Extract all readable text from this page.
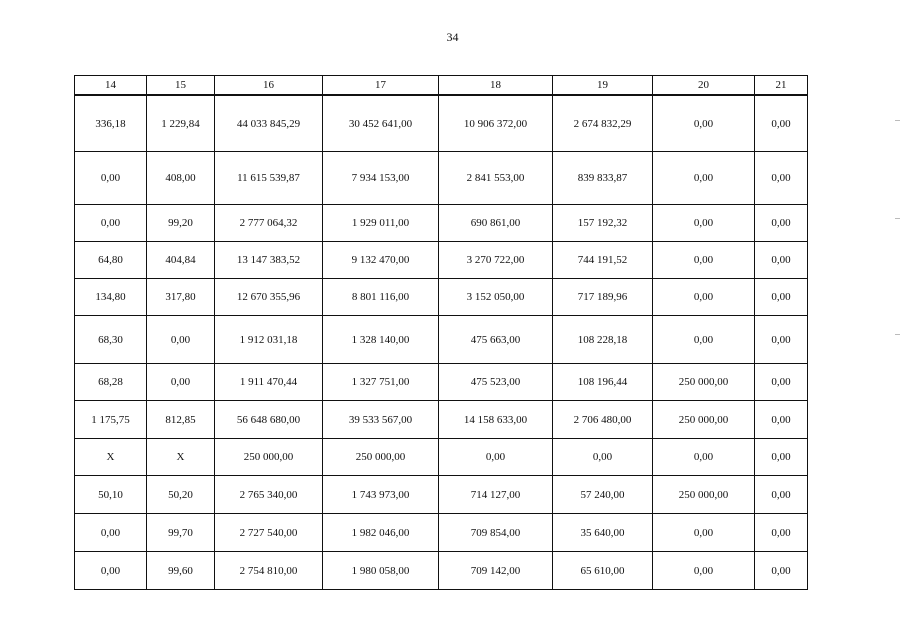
34
14	15	16	17	18	19	20	21
336,18	1 229,84	44 033 845,29	30 452 641,00	10 906 372,00	2 674 832,29	0,00	0,00
0,00	408,00	11 615 539,87	7 934 153,00	2 841 553,00	839 833,87	0,00	0,00
0,00	99,20	2 777 064,32	1 929 011,00	690 861,00	157 192,32	0,00	0,00
64,80	404,84	13 147 383,52	9 132 470,00	3 270 722,00	744 191,52	0,00	0,00
134,80	317,80	12 670 355,96	8 801 116,00	3 152 050,00	717 189,96	0,00	0,00
68,30	0,00	1 912 031,18	1 328 140,00	475 663,00	108 228,18	0,00	0,00
68,28	0,00	1 911 470,44	1 327 751,00	475 523,00	108 196,44	250 000,00	0,00
1 175,75	812,85	56 648 680,00	39 533 567,00	14 158 633,00	2 706 480,00	250 000,00	0,00
X	X	250 000,00	250 000,00	0,00	0,00	0,00	0,00
50,10	50,20	2 765 340,00	1 743 973,00	714 127,00	57 240,00	250 000,00	0,00
0,00	99,70	2 727 540,00	1 982 046,00	709 854,00	35 640,00	0,00	0,00
0,00	99,60	2 754 810,00	1 980 058,00	709 142,00	65 610,00	0,00	0,00
